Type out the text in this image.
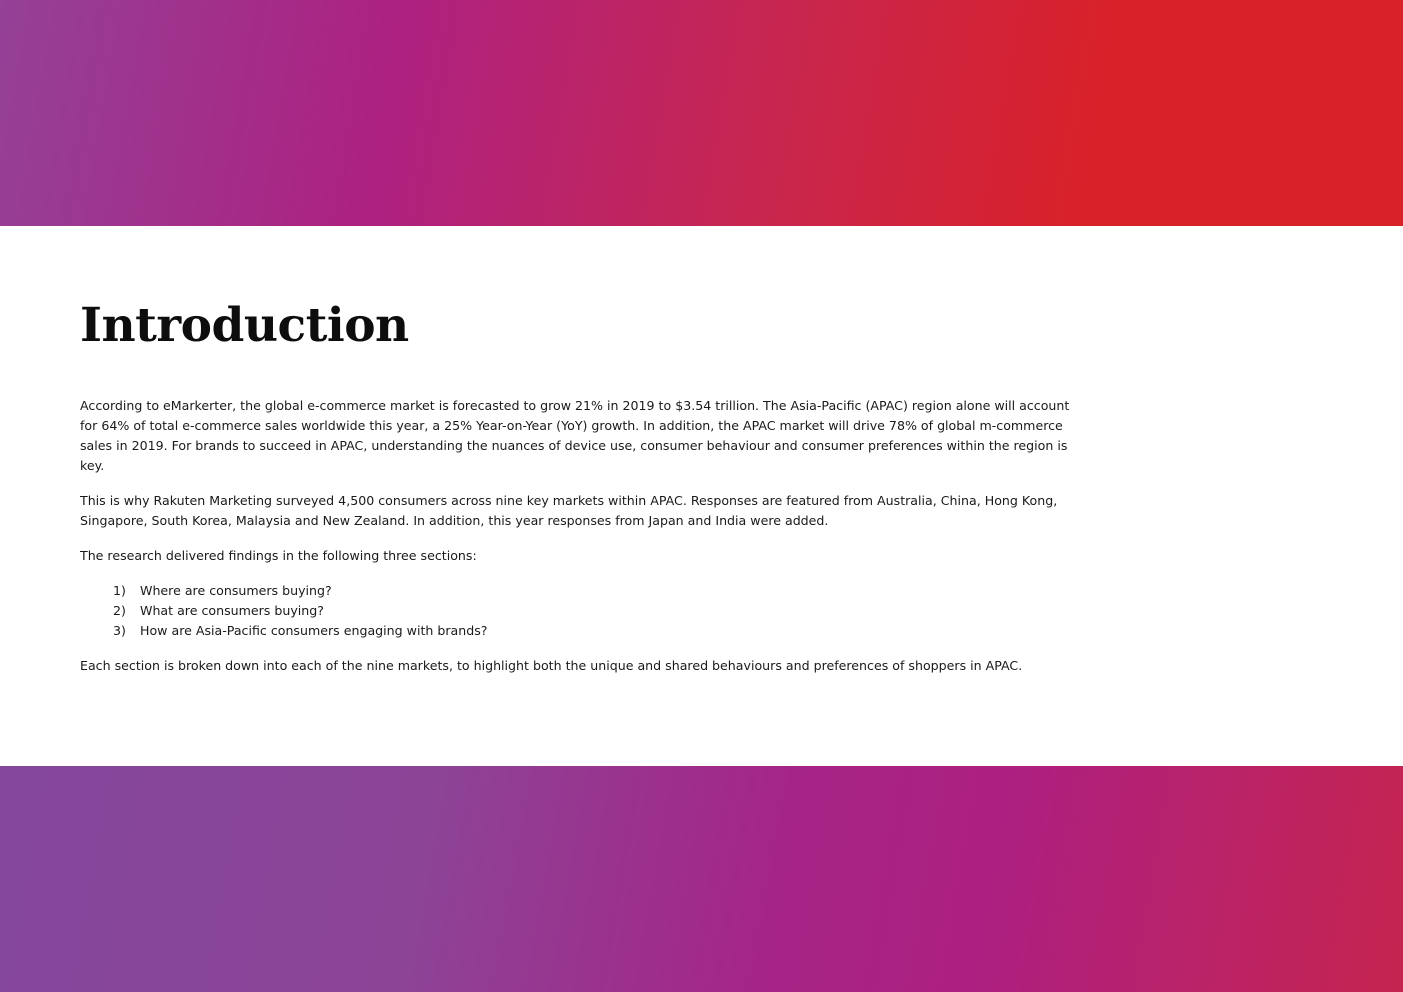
Introduction

According to eMarkerter, the global e-commerce market is forecasted to grow 21% in 2019 to $3.54 trillion. The Asia-Pacific (APAC) region alone will account for 64% of total e-commerce sales worldwide this year, a 25% Year-on-Year (YoY) growth. In addition, the APAC market will drive 78% of global m-commerce sales in 2019. For brands to succeed in APAC, understanding the nuances of device use, consumer behaviour and consumer preferences within the region is key.

This is why Rakuten Marketing surveyed 4,500 consumers across nine key markets within APAC. Responses are featured from Australia, China, Hong Kong, Singapore, South Korea, Malaysia and New Zealand. In addition, this year responses from Japan and India were added.

The research delivered findings in the following three sections:

1) Where are consumers buying?
2) What are consumers buying?
3) How are Asia-Pacific consumers engaging with brands?

Each section is broken down into each of the nine markets, to highlight both the unique and shared behaviours and preferences of shoppers in APAC.
